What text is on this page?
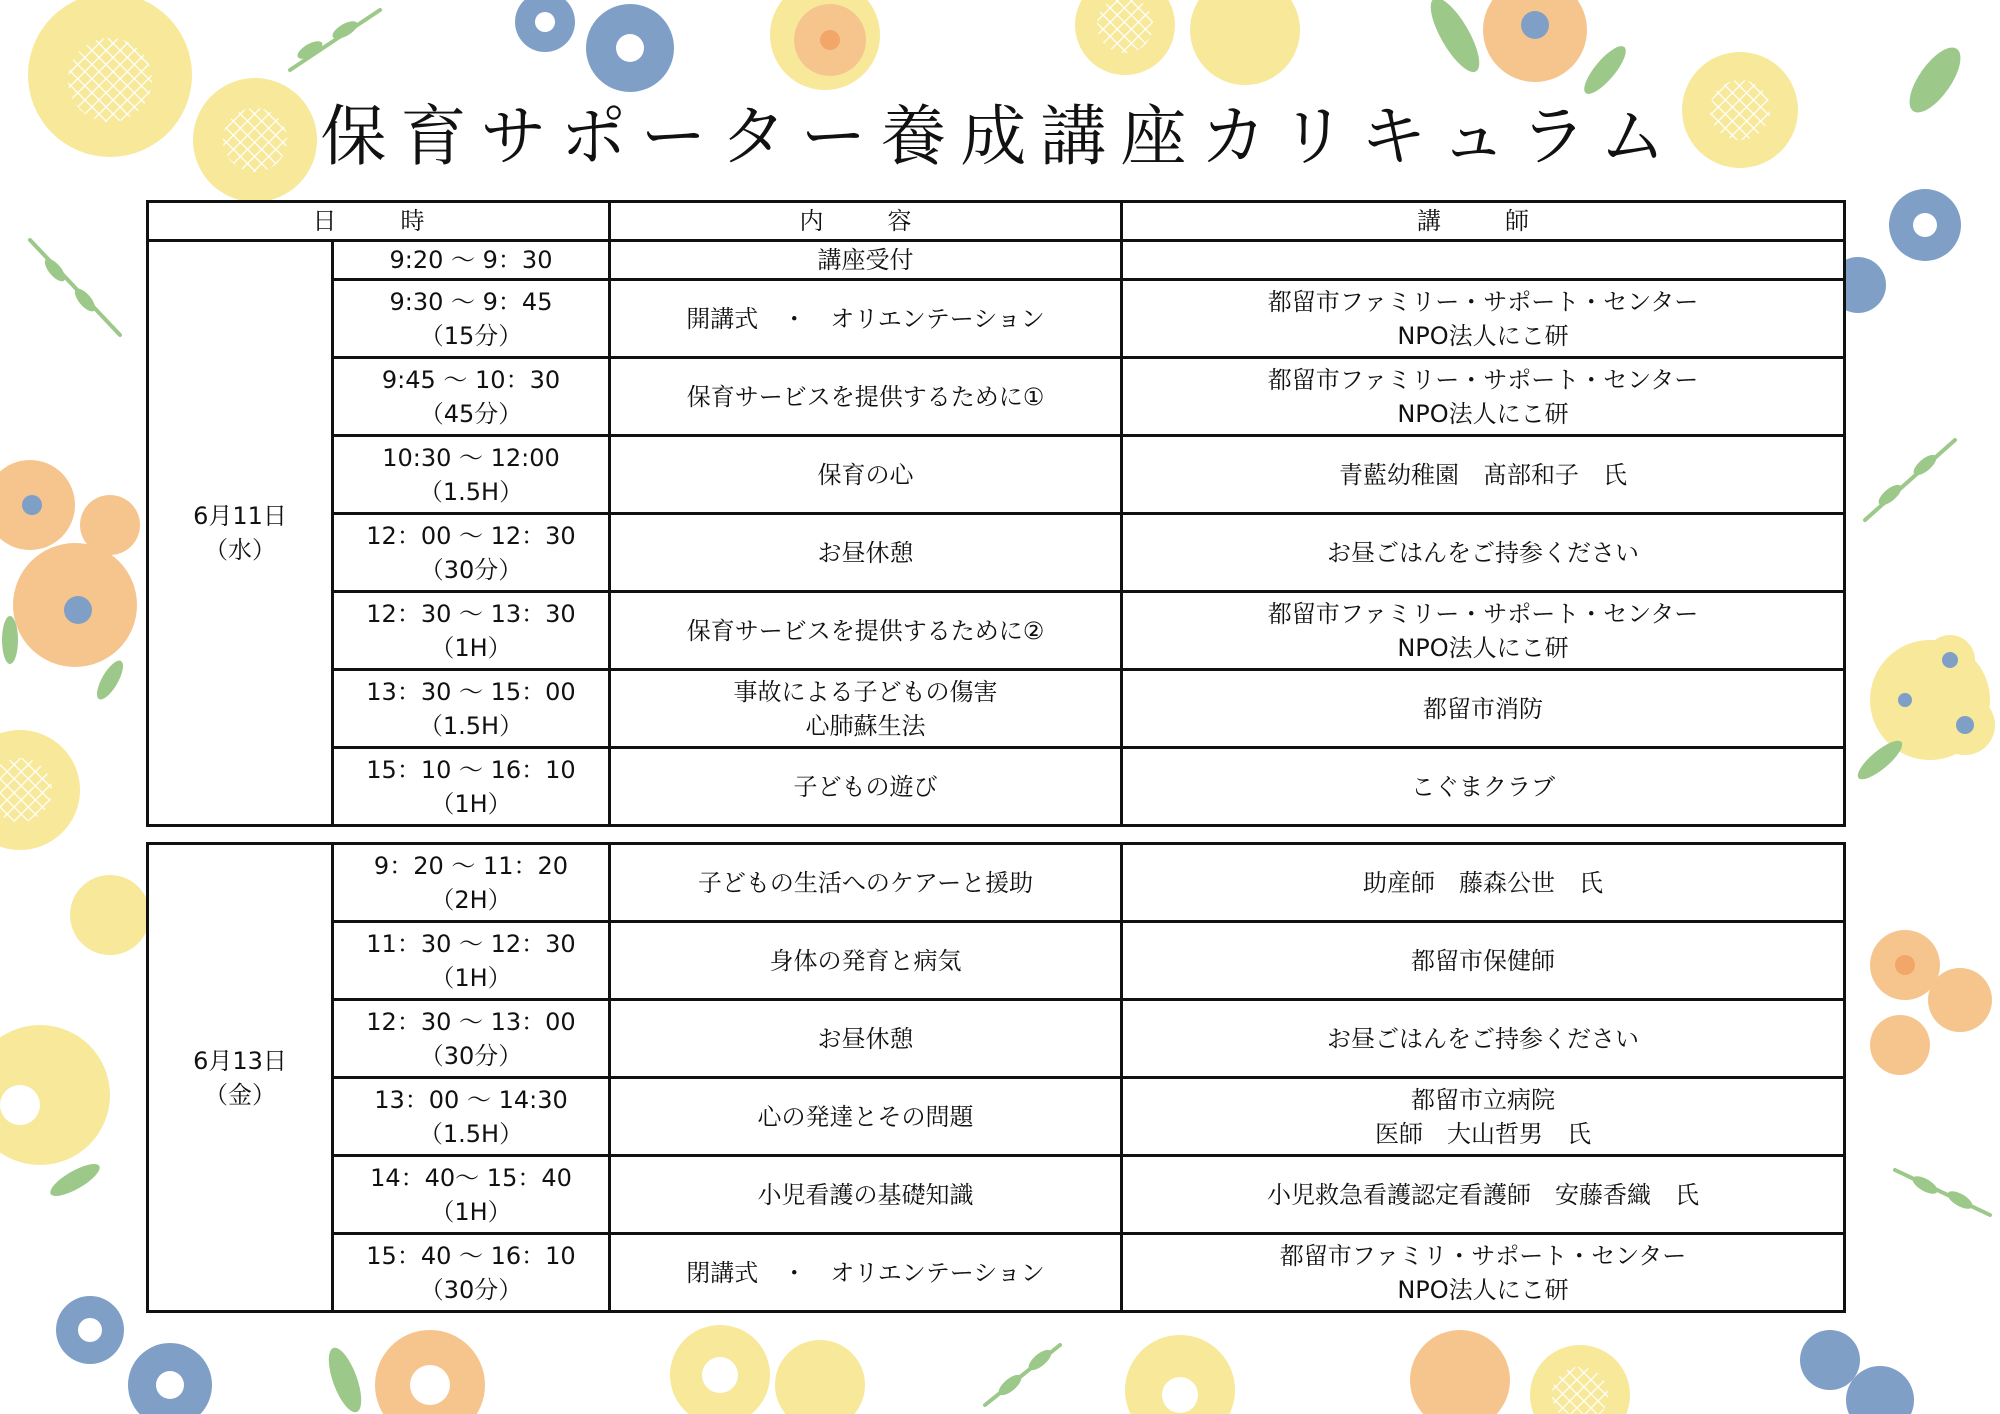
保育サポーター養成講座カリキュラム
日　時		内　容	講　師

6月11日
（水）	9:20 ～ 9：30	講座受付	

	9:30 ～ 9：45
（15分）	開講式　・　オリエンテーション	都留市ファミリー・サポート・センター
NPO法人にこ研

	9:45 ～ 10：30
（45分）	保育サービスを提供するために①	都留市ファミリー・サポート・センター
NPO法人にこ研

	10:30 ～ 12:00
（1.5H）	保育の心	青藍幼稚園　髙部和子　氏

	12：00 ～ 12：30
（30分）	お昼休憩	お昼ごはんをご持参ください

	12：30 ～ 13：30
（1H）	保育サービスを提供するために②	都留市ファミリー・サポート・センター
NPO法人にこ研

	13：30 ～ 15：00
（1.5H）	事故による子どもの傷害
心肺蘇生法	都留市消防

	15：10 ～ 16：10
（1H）	子どもの遊び	こぐまクラブ
6月13日
（金）	9：20 ～ 11：20
（2H）	子どもの生活へのケアーと援助	助産師　藤森公世　氏

	11：30 ～ 12：30
（1H）	身体の発育と病気	都留市保健師

	12：30 ～ 13：00
（30分）	お昼休憩	お昼ごはんをご持参ください

	13：00 ～ 14:30
（1.5H）	心の発達とその問題	都留市立病院
医師　大山哲男　氏

	14：40～ 15：40
（1H）	小児看護の基礎知識	小児救急看護認定看護師　安藤香織　氏

	15：40 ～ 16：10
（30分）	閉講式　・　オリエンテーション	都留市ファミリ・サポート・センター
NPO法人にこ研
